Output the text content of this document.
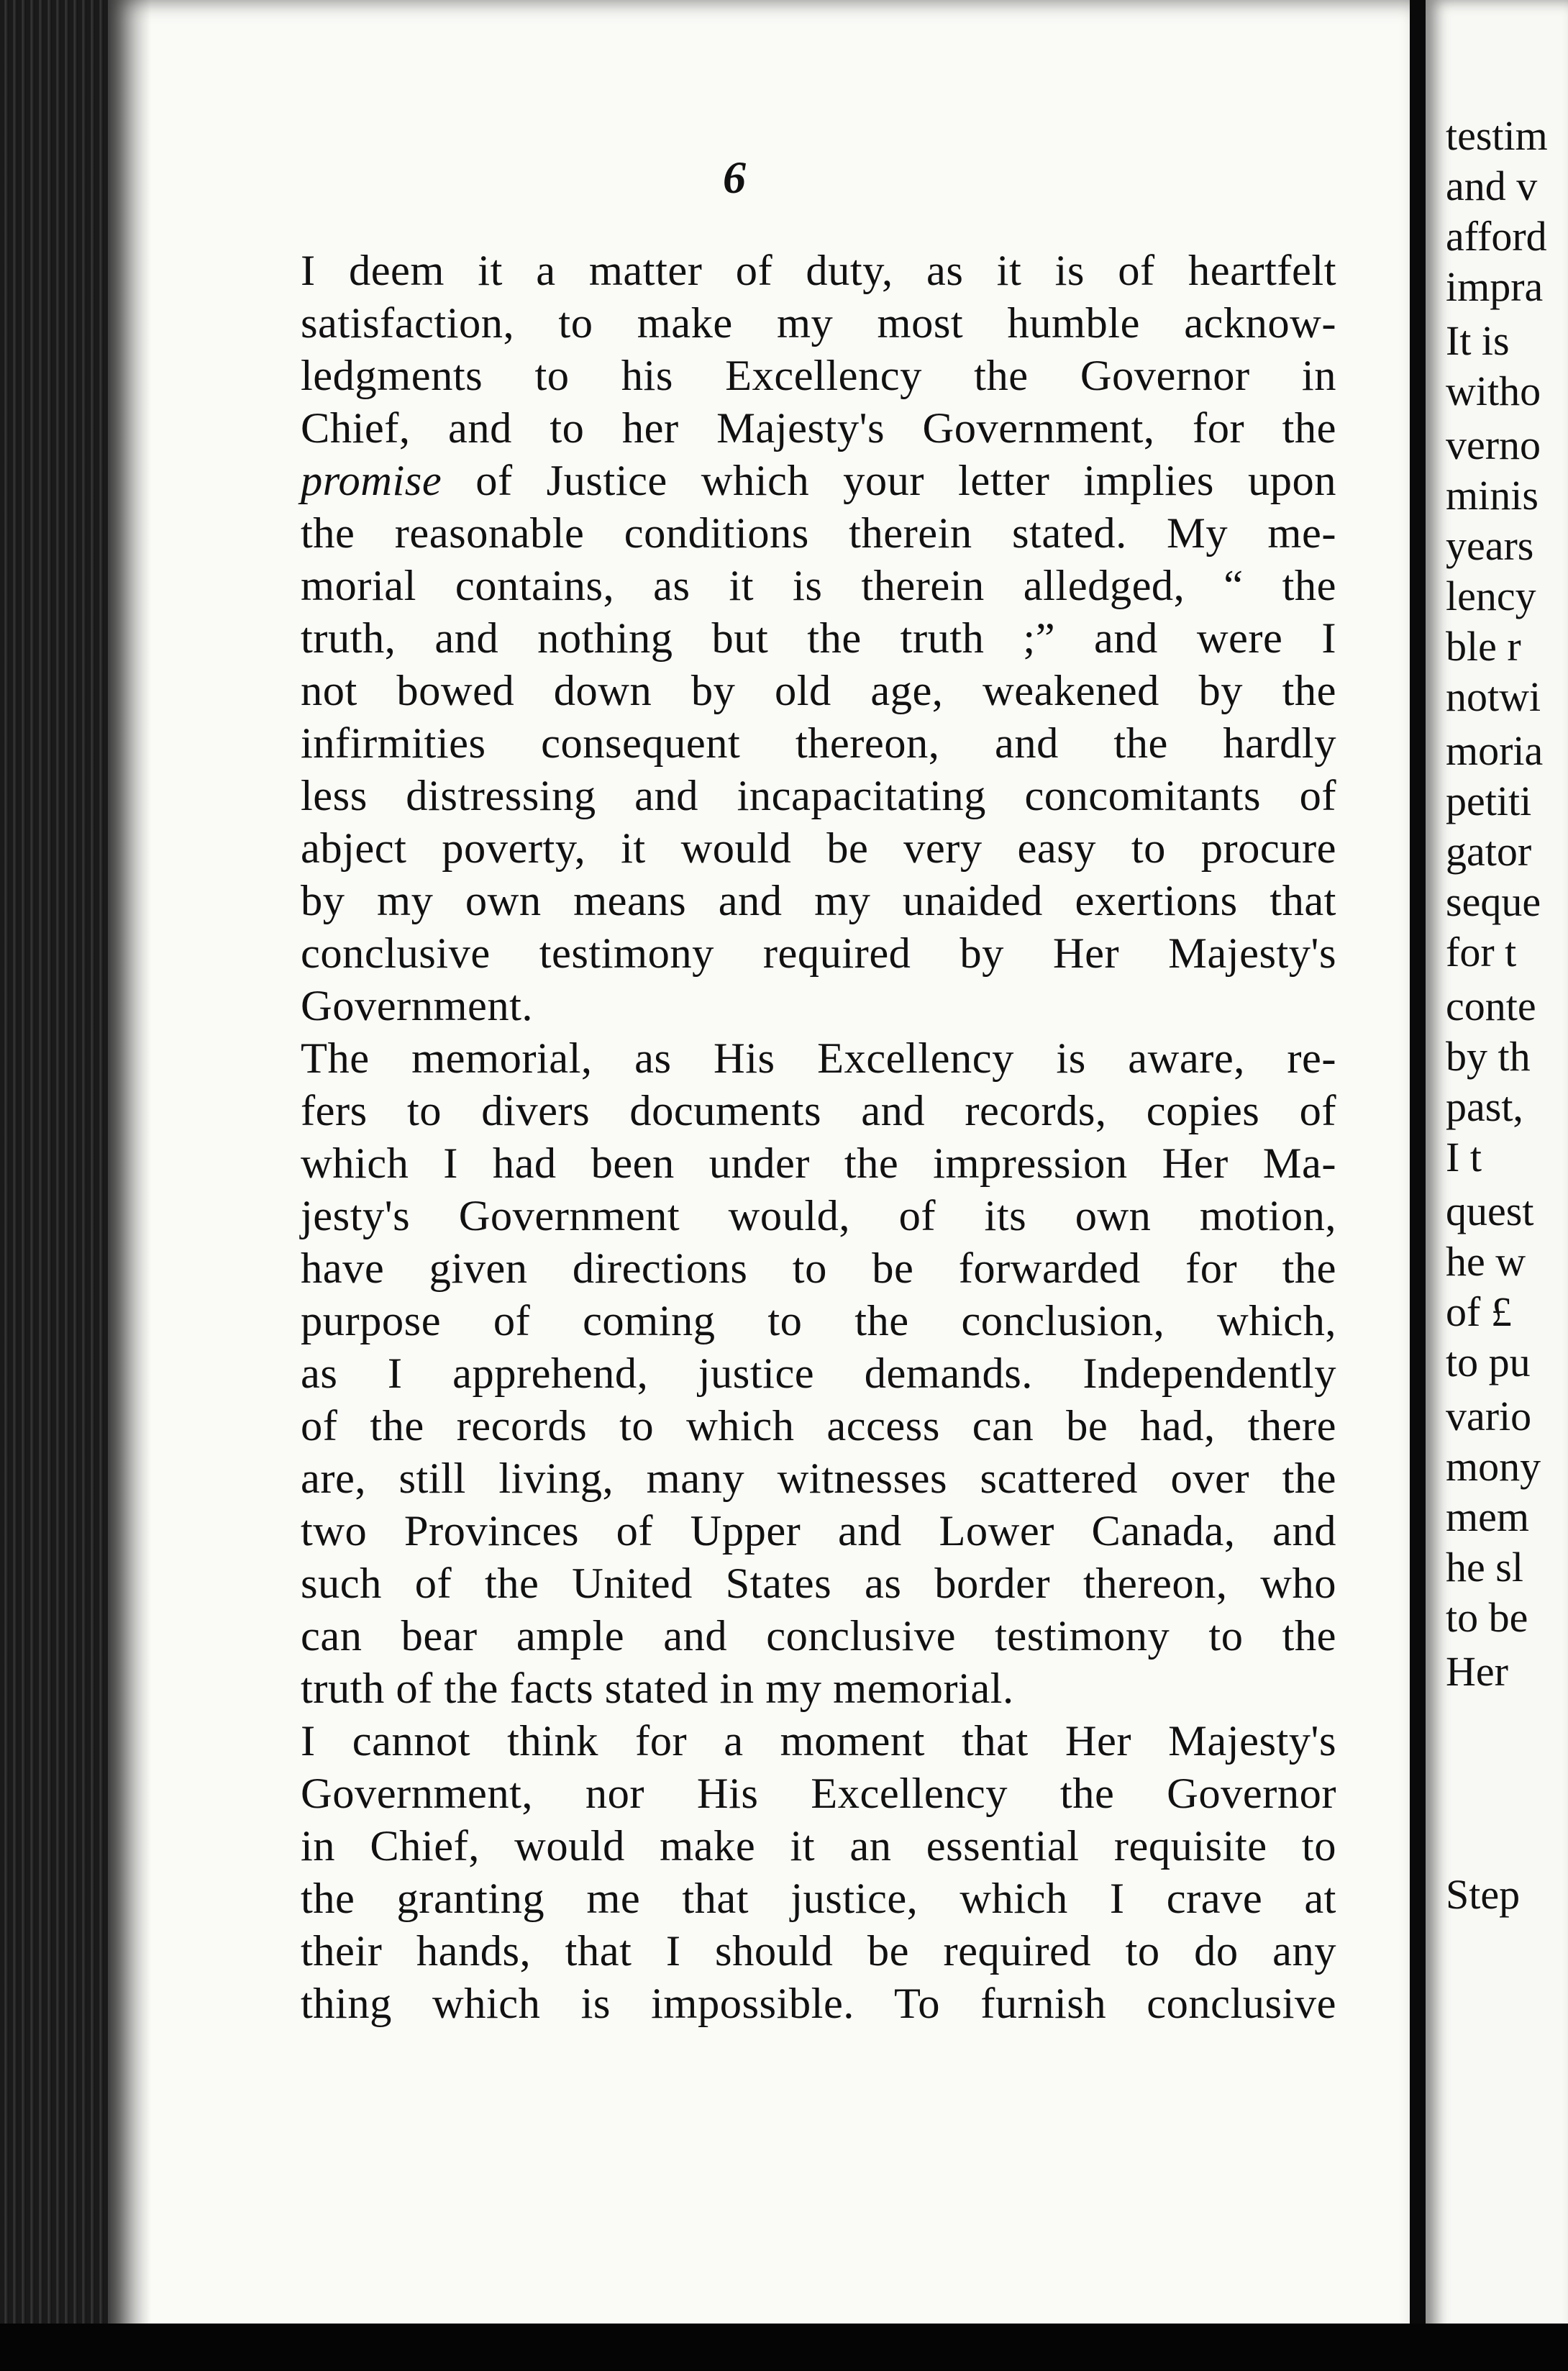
6

I deem it a matter of duty, as it is of heartfelt
satisfaction, to make my most humble acknow-
ledgments to his Excellency the Governor in
Chief, and to her Majesty's Government, for the
promise of Justice which your letter implies upon
the reasonable conditions therein stated. My me-
morial contains, as it is therein alledged, “ the
truth, and nothing but the truth ;” and were I
not bowed down by old age, weakened by the
infirmities consequent thereon, and the hardly
less distressing and incapacitating concomitants of
abject poverty, it would be very easy to procure
by my own means and my unaided exertions that
conclusive testimony required by Her Majesty's
Government.

The memorial, as His Excellency is aware, re-
fers to divers documents and records, copies of
which I had been under the impression Her Ma-
jesty's Government would, of its own motion,
have given directions to be forwarded for the
purpose of coming to the conclusion, which,
as I apprehend, justice demands. Independently
of the records to which access can be had, there
are, still living, many witnesses scattered over the
two Provinces of Upper and Lower Canada, and
such of the United States as border thereon, who
can bear ample and conclusive testimony to the
truth of the facts stated in my memorial.

I cannot think for a moment that Her Majesty's
Government, nor His Excellency the Governor
in Chief, would make it an essential requisite to
the granting me that justice, which I crave at
their hands, that I should be required to do any
thing which is impossible. To furnish conclusive

testim
and v
afford
impra
It is
witho
verno
minis
years
lency
ble r
notwi
moria
petiti
gator
seque
for t
conte
by th
past,
I t
quest
he w
of £
to pu
vario
mony
mem
he sl
to be
Her
Step
